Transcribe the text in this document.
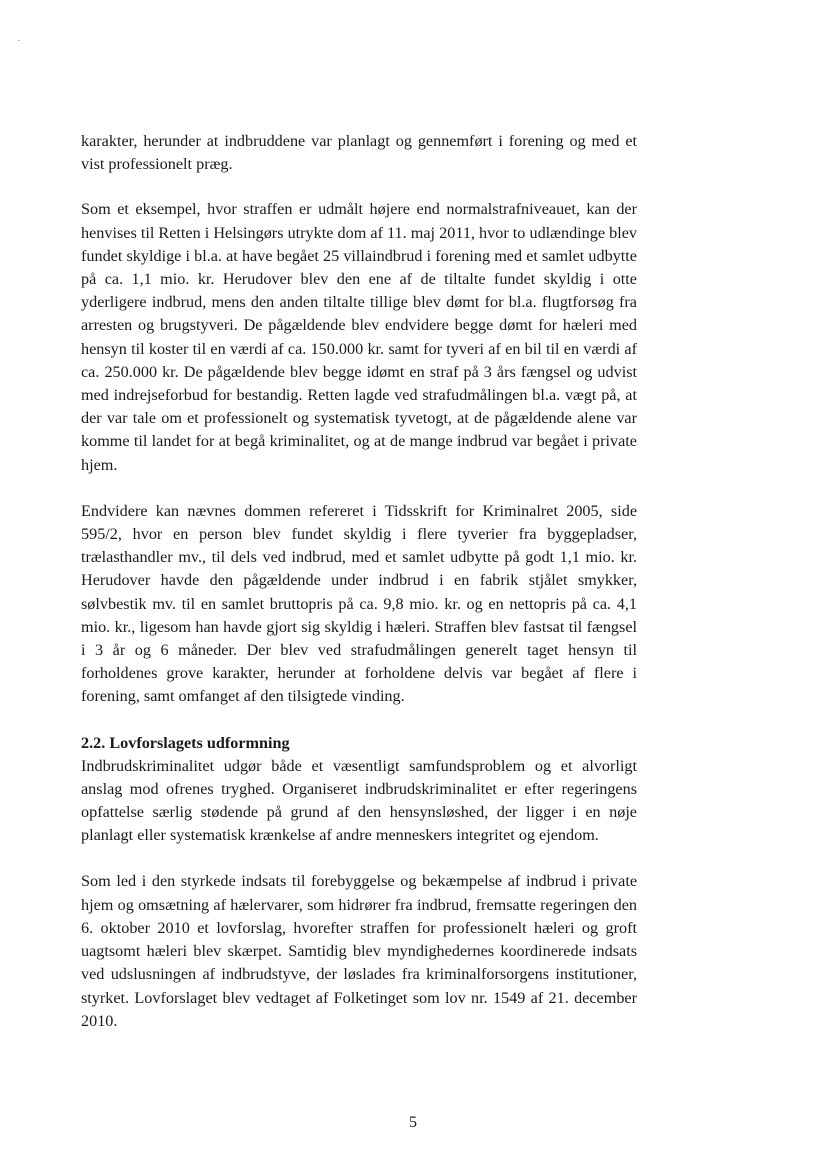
karakter, herunder at indbruddene var planlagt og gennemført i forening og med et vist professionelt præg.

Som et eksempel, hvor straffen er udmålt højere end normalstrafniveauet, kan der henvises til Retten i Helsingørs utrykte dom af 11. maj 2011, hvor to udlændinge blev fundet skyldige i bl.a. at have begået 25 villaindbrud i forening med et samlet udbytte på ca. 1,1 mio. kr. Herudover blev den ene af de tiltalte fundet skyldig i otte yderligere indbrud, mens den anden tiltalte tillige blev dømt for bl.a. flugtforsøg fra arresten og brugstyveri. De pågældende blev endvidere begge dømt for hæleri med hensyn til koster til en værdi af ca. 150.000 kr. samt for tyveri af en bil til en værdi af ca. 250.000 kr. De pågældende blev begge idømt en straf på 3 års fængsel og udvist med indrejseforbud for bestandig. Retten lagde ved strafudmålingen bl.a. vægt på, at der var tale om et professionelt og systematisk tyvetogt, at de pågældende alene var komme til landet for at begå kriminalitet, og at de mange indbrud var begået i private hjem.

Endvidere kan nævnes dommen refereret i Tidsskrift for Kriminalret 2005, side 595/2, hvor en person blev fundet skyldig i flere tyverier fra byggepladser, trælasthandler mv., til dels ved indbrud, med et samlet udbytte på godt 1,1 mio. kr. Herudover havde den pågældende under indbrud i en fabrik stjålet smykker, sølvbestik mv. til en samlet bruttopris på ca. 9,8 mio. kr. og en nettopris på ca. 4,1 mio. kr., ligesom han havde gjort sig skyldig i hæleri. Straffen blev fastsat til fængsel i 3 år og 6 måneder. Der blev ved strafudmålingen generelt taget hensyn til forholdenes grove karakter, herunder at forholdene delvis var begået af flere i forening, samt omfanget af den tilsigtede vinding.

2.2. Lovforslagets udformning

Indbrudskriminalitet udgør både et væsentligt samfundsproblem og et alvorligt anslag mod ofrenes tryghed. Organiseret indbrudskriminalitet er efter regeringens opfattelse særlig stødende på grund af den hensynsløshed, der ligger i en nøje planlagt eller systematisk krænkelse af andre menneskers integritet og ejendom.

Som led i den styrkede indsats til forebyggelse og bekæmpelse af indbrud i private hjem og omsætning af hælervarer, som hidrører fra indbrud, fremsatte regeringen den 6. oktober 2010 et lovforslag, hvorefter straffen for professionelt hæleri og groft uagtsomt hæleri blev skærpet. Samtidig blev myndighedernes koordinerede indsats ved udslusningen af indbrudstyve, der løslades fra kriminalforsorgens institutioner, styrket. Lovforslaget blev vedtaget af Folketinget som lov nr. 1549 af 21. december 2010.

5
